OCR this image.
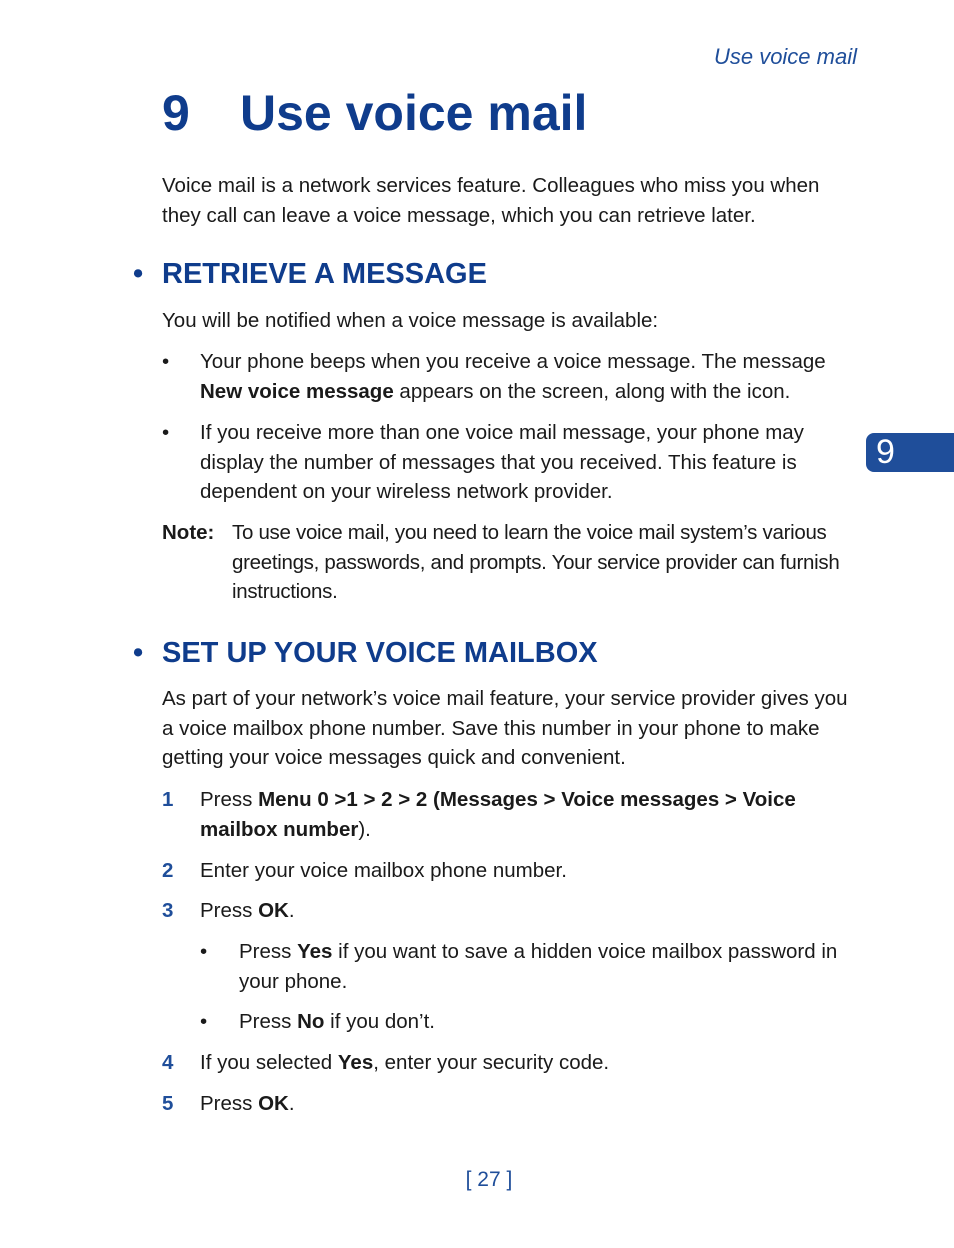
Use voice mail
9 Use voice mail

Voice mail is a network services feature. Colleagues who miss you when they call can leave a voice message, which you can retrieve later.

• RETRIEVE A MESSAGE

You will be notified when a voice message is available:

• Your phone beeps when you receive a voice message. The message New voice message appears on the screen, along with the icon.
• If you receive more than one voice mail message, your phone may display the number of messages that you received. This feature is dependent on your wireless network provider.
Note: To use voice mail, you need to learn the voice mail system’s various greetings, passwords, and prompts. Your service provider can furnish instructions.
• SET UP YOUR VOICE MAILBOX

As part of your network’s voice mail feature, your service provider gives you a voice mailbox phone number. Save this number in your phone to make getting your voice messages quick and convenient.

1 Press Menu 0 >1 > 2 > 2 (Messages > Voice messages > Voice mailbox number).
2 Enter your voice mailbox phone number.
3 Press OK.
• Press Yes if you want to save a hidden voice mailbox password in your phone.
• Press No if you don’t.
4 If you selected Yes, enter your security code.
5 Press OK.
9
[ 27 ]
